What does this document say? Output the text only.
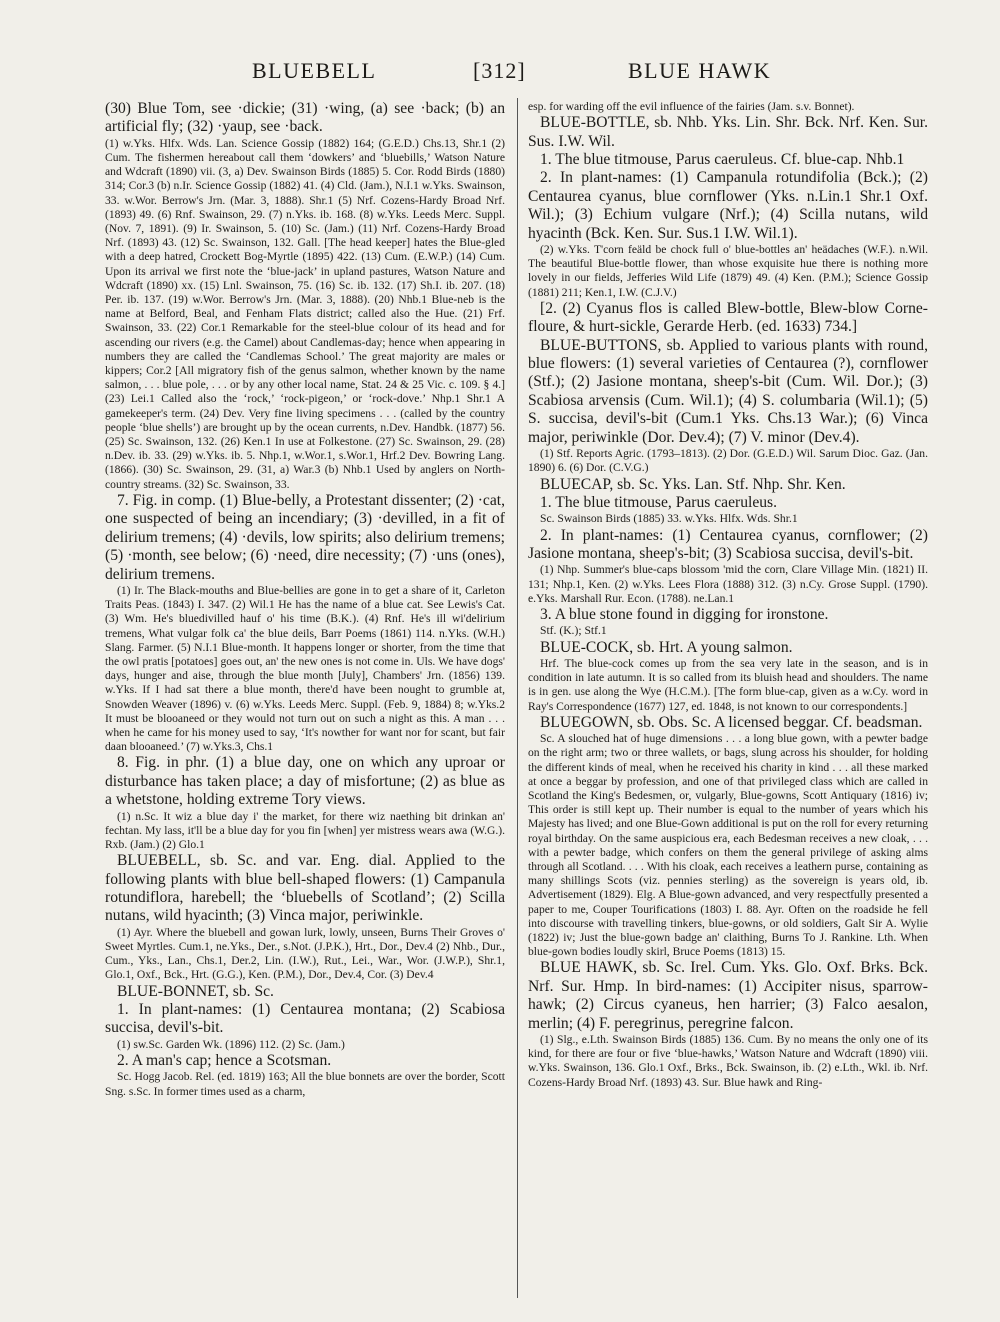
BLUEBELL	[312]	BLUE HAWK

(30) Blue Tom, see ·dickie; (31) ·wing, (a) see ·back; (b) an artificial fly; (32) ·yaup, see ·back.

(1) w.Yks. Hlfx. Wds. Lan. Science Gossip (1882) 164; (G.E.D.) Chs.13, Shr.1 (2) Cum. The fishermen hereabout call them ‘dowkers’ and ‘bluebills,’ Watson Nature and Wdcraft (1890) vii. (3, a) Dev. Swainson Birds (1885) 5. Cor. Rodd Birds (1880) 314; Cor.3 (b) n.Ir. Science Gossip (1882) 41. (4) Cld. (Jam.), N.I.1 w.Yks. Swainson, 33. w.Wor. Berrow's Jrn. (Mar. 3, 1888). Shr.1 (5) Nrf. Cozens-Hardy Broad Nrf. (1893) 49. (6) Rnf. Swainson, 29. (7) n.Yks. ib. 168. (8) w.Yks. Leeds Merc. Suppl. (Nov. 7, 1891). (9) Ir. Swainson, 5. (10) Sc. (Jam.) (11) Nrf. Cozens-Hardy Broad Nrf. (1893) 43. (12) Sc. Swainson, 132. Gall. [The head keeper] hates the Blue-gled with a deep hatred, Crockett Bog-Myrtle (1895) 422. (13) Cum. (E.W.P.) (14) Cum. Upon its arrival we first note the ‘blue-jack’ in upland pastures, Watson Nature and Wdcraft (1890) xx. (15) Lnl. Swainson, 75. (16) Sc. ib. 132. (17) Sh.I. ib. 207. (18) Per. ib. 137. (19) w.Wor. Berrow's Jrn. (Mar. 3, 1888). (20) Nhb.1 Blue-neb is the name at Belford, Beal, and Fenham Flats district; called also the Hue. (21) Frf. Swainson, 33. (22) Cor.1 Remarkable for the steel-blue colour of its head and for ascending our rivers (e.g. the Camel) about Candlemas-day; hence when appearing in numbers they are called the ‘Candlemas School.’ The great majority are males or kippers; Cor.2 [All migratory fish of the genus salmon, whether known by the name salmon, . . . blue pole, . . . or by any other local name, Stat. 24 & 25 Vic. c. 109. § 4.] (23) Lei.1 Called also the ‘rock,’ ‘rock-pigeon,’ or ‘rock-dove.’ Nhp.1 Shr.1 A gamekeeper's term. (24) Dev. Very fine living specimens . . . (called by the country people ‘blue shells’) are brought up by the ocean currents, n.Dev. Handbk. (1877) 56. (25) Sc. Swainson, 132. (26) Ken.1 In use at Folkestone. (27) Sc. Swainson, 29. (28) n.Dev. ib. 33. (29) w.Yks. ib. 5. Nhp.1, w.Wor.1, s.Wor.1, Hrf.2 Dev. Bowring Lang. (1866). (30) Sc. Swainson, 29. (31, a) War.3 (b) Nhb.1 Used by anglers on North-country streams. (32) Sc. Swainson, 33.

7. Fig. in comp. (1) Blue-belly, a Protestant dissenter; (2) ·cat, one suspected of being an incendiary; (3) ·devilled, in a fit of delirium tremens; (4) ·devils, low spirits; also delirium tremens; (5) ·month, see below; (6) ·need, dire necessity; (7) ·uns (ones), delirium tremens.

(1) Ir. The Black-mouths and Blue-bellies are gone in to get a share of it, Carleton Traits Peas. (1843) I. 347. (2) Wil.1 He has the name of a blue cat. See Lewis's Cat. (3) Wm. He's bluedivilled hauf o' his time (B.K.). (4) Rnf. He's ill wi'delirium tremens, What vulgar folk ca' the blue deils, Barr Poems (1861) 114. n.Yks. (W.H.) Slang. Farmer. (5) N.I.1 Blue-month. It happens longer or shorter, from the time that the owl pratis [potatoes] goes out, an' the new ones is not come in. Uls. We have dogs' days, hunger and aise, through the blue month [July], Chambers' Jrn. (1856) 139. w.Yks. If I had sat there a blue month, there'd have been nought to grumble at, Snowden Weaver (1896) v. (6) w.Yks. Leeds Merc. Suppl. (Feb. 9, 1884) 8; w.Yks.2 It must be blooaneed or they would not turn out on such a night as this. A man . . . when he came for his money used to say, ‘It's nowther for want nor for scant, but fair daan blooaneed.’ (7) w.Yks.3, Chs.1

8. Fig. in phr. (1) a blue day, one on which any uproar or disturbance has taken place; a day of misfortune; (2) as blue as a whetstone, holding extreme Tory views.

(1) n.Sc. It wiz a blue day i' the market, for there wiz naething bit drinkan an' fechtan. My lass, it'll be a blue day for you fin [when] yer mistress wears awa (W.G.). Rxb. (Jam.) (2) Glo.1

BLUEBELL, sb. Sc. and var. Eng. dial. Applied to the following plants with blue bell-shaped flowers: (1) Campanula rotundiflora, harebell; the ‘bluebells of Scotland’; (2) Scilla nutans, wild hyacinth; (3) Vinca major, periwinkle.

(1) Ayr. Where the bluebell and gowan lurk, lowly, unseen, Burns Their Groves o' Sweet Myrtles. Cum.1, ne.Yks., Der., s.Not. (J.P.K.), Hrt., Dor., Dev.4 (2) Nhb., Dur., Cum., Yks., Lan., Chs.1, Der.2, Lin. (I.W.), Rut., Lei., War., Wor. (J.W.P.), Shr.1, Glo.1, Oxf., Bck., Hrt. (G.G.), Ken. (P.M.), Dor., Dev.4, Cor. (3) Dev.4

BLUE-BONNET, sb. Sc.

1. In plant-names: (1) Centaurea montana; (2) Scabiosa succisa, devil's-bit.

(1) sw.Sc. Garden Wk. (1896) 112. (2) Sc. (Jam.)

2. A man's cap; hence a Scotsman.

Sc. Hogg Jacob. Rel. (ed. 1819) 163; All the blue bonnets are over the border, Scott Sng. s.Sc. In former times used as a charm,

esp. for warding off the evil influence of the fairies (Jam. s.v. Bonnet).

BLUE-BOTTLE, sb. Nhb. Yks. Lin. Shr. Bck. Nrf. Ken. Sur. Sus. I.W. Wil.

1. The blue titmouse, Parus caeruleus. Cf. blue-cap. Nhb.1

2. In plant-names: (1) Campanula rotundifolia (Bck.); (2) Centaurea cyanus, blue cornflower (Yks. n.Lin.1 Shr.1 Oxf. Wil.); (3) Echium vulgare (Nrf.); (4) Scilla nutans, wild hyacinth (Bck. Ken. Sur. Sus.1 I.W. Wil.1).

(2) w.Yks. T'corn feäld be chock full o' blue-bottles an' heädaches (W.F.). n.Wil. The beautiful Blue-bottle flower, than whose exquisite hue there is nothing more lovely in our fields, Jefferies Wild Life (1879) 49. (4) Ken. (P.M.); Science Gossip (1881) 211; Ken.1, I.W. (C.J.V.)

[2. (2) Cyanus flos is called Blew-bottle, Blew-blow Corne-floure, & hurt-sickle, Gerarde Herb. (ed. 1633) 734.]

BLUE-BUTTONS, sb. Applied to various plants with round, blue flowers: (1) several varieties of Centaurea (?), cornflower (Stf.); (2) Jasione montana, sheep's-bit (Cum. Wil. Dor.); (3) Scabiosa arvensis (Cum. Wil.1); (4) S. columbaria (Wil.1); (5) S. succisa, devil's-bit (Cum.1 Yks. Chs.13 War.); (6) Vinca major, periwinkle (Dor. Dev.4); (7) V. minor (Dev.4).

(1) Stf. Reports Agric. (1793–1813). (2) Dor. (G.E.D.) Wil. Sarum Dioc. Gaz. (Jan. 1890) 6. (6) Dor. (C.V.G.)

BLUECAP, sb. Sc. Yks. Lan. Stf. Nhp. Shr. Ken.

1. The blue titmouse, Parus caeruleus.

Sc. Swainson Birds (1885) 33. w.Yks. Hlfx. Wds. Shr.1

2. In plant-names: (1) Centaurea cyanus, cornflower; (2) Jasione montana, sheep's-bit; (3) Scabiosa succisa, devil's-bit.

(1) Nhp. Summer's blue-caps blossom 'mid the corn, Clare Village Min. (1821) II. 131; Nhp.1, Ken. (2) w.Yks. Lees Flora (1888) 312. (3) n.Cy. Grose Suppl. (1790). e.Yks. Marshall Rur. Econ. (1788). ne.Lan.1

3. A blue stone found in digging for ironstone.

Stf. (K.); Stf.1

BLUE-COCK, sb. Hrt. A young salmon.

Hrf. The blue-cock comes up from the sea very late in the season, and is in condition in late autumn. It is so called from its bluish head and shoulders. The name is in gen. use along the Wye (H.C.M.). [The form blue-cap, given as a w.Cy. word in Ray's Correspondence (1677) 127, ed. 1848, is not known to our correspondents.]

BLUEGOWN, sb. Obs. Sc. A licensed beggar. Cf. beadsman.

Sc. A slouched hat of huge dimensions . . . a long blue gown, with a pewter badge on the right arm; two or three wallets, or bags, slung across his shoulder, for holding the different kinds of meal, when he received his charity in kind . . . all these marked at once a beggar by profession, and one of that privileged class which are called in Scotland the King's Bedesmen, or, vulgarly, Blue-gowns, Scott Antiquary (1816) iv; This order is still kept up. Their number is equal to the number of years which his Majesty has lived; and one Blue-Gown additional is put on the roll for every returning royal birthday. On the same auspicious era, each Bedesman receives a new cloak, . . . with a pewter badge, which confers on them the general privilege of asking alms through all Scotland. . . . With his cloak, each receives a leathern purse, containing as many shillings Scots (viz. pennies sterling) as the sovereign is years old, ib. Advertisement (1829). Elg. A Blue-gown advanced, and very respectfully presented a paper to me, Couper Tourifications (1803) I. 88. Ayr. Often on the roadside he fell into discourse with travelling tinkers, blue-gowns, or old soldiers, Galt Sir A. Wylie (1822) iv; Just the blue-gown badge an' claithing, Burns To J. Rankine. Lth. When blue-gown bodies loudly skirl, Bruce Poems (1813) 15.

BLUE HAWK, sb. Sc. Irel. Cum. Yks. Glo. Oxf. Brks. Bck. Nrf. Sur. Hmp. In bird-names: (1) Accipiter nisus, sparrow-hawk; (2) Circus cyaneus, hen harrier; (3) Falco aesalon, merlin; (4) F. peregrinus, peregrine falcon.

(1) Slg., e.Lth. Swainson Birds (1885) 136. Cum. By no means the only one of its kind, for there are four or five ‘blue-hawks,’ Watson Nature and Wdcraft (1890) viii. w.Yks. Swainson, 136. Glo.1 Oxf., Brks., Bck. Swainson, ib. (2) e.Lth., Wkl. ib. Nrf. Cozens-Hardy Broad Nrf. (1893) 43. Sur. Blue hawk and Ring-
